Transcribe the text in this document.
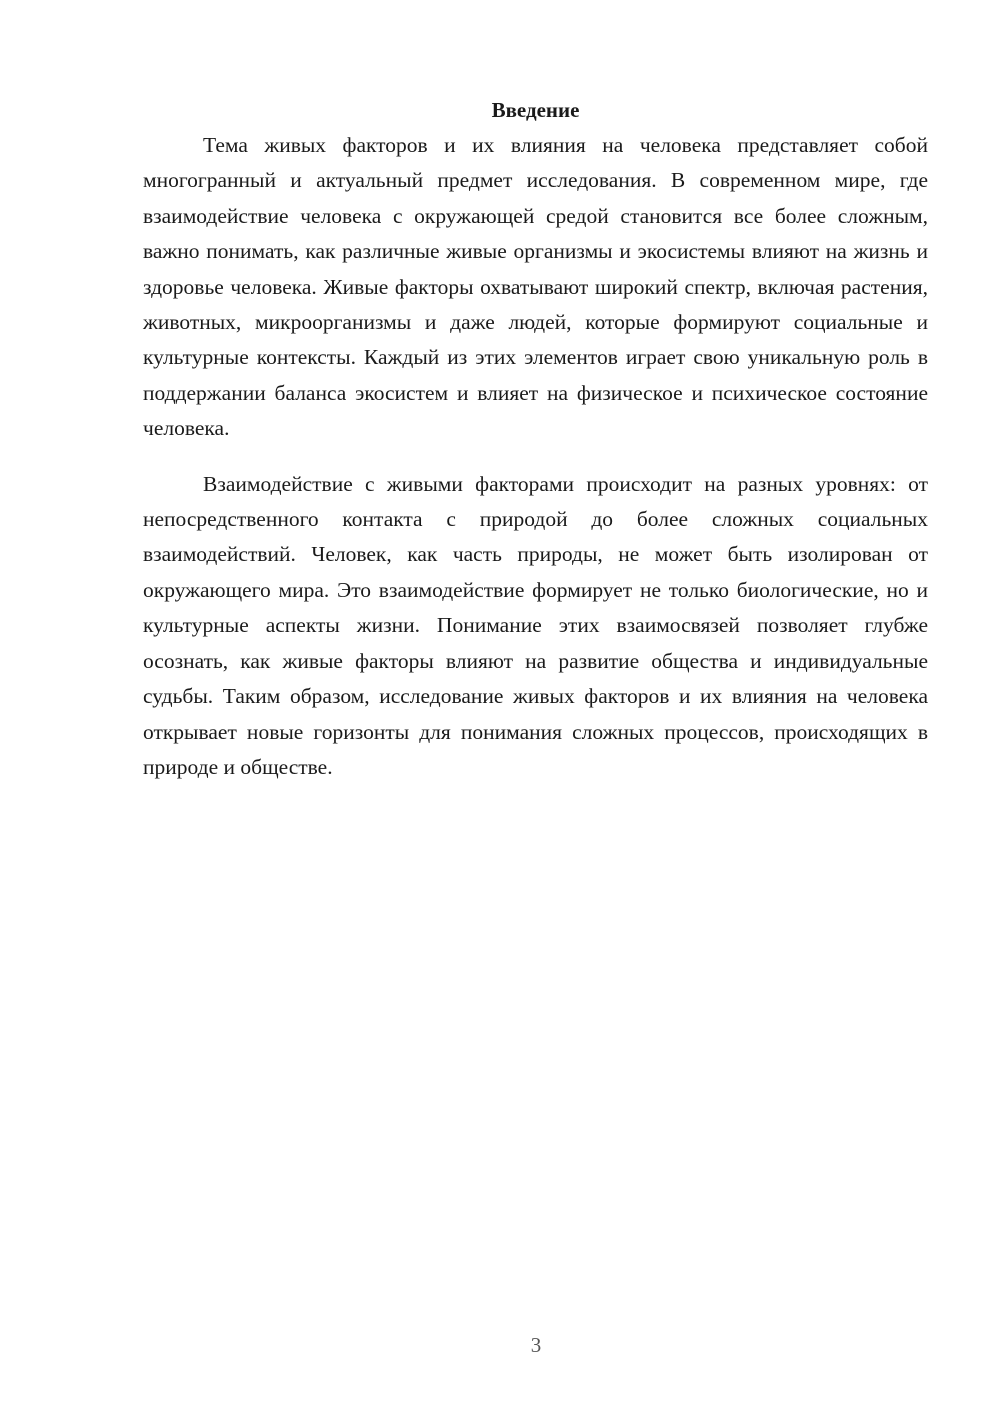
Введение

Тема живых факторов и их влияния на человека представляет собой многогранный и актуальный предмет исследования. В современном мире, где взаимодействие человека с окружающей средой становится все более сложным, важно понимать, как различные живые организмы и экосистемы влияют на жизнь и здоровье человека. Живые факторы охватывают широкий спектр, включая растения, животных, микроорганизмы и даже людей, которые формируют социальные и культурные контексты. Каждый из этих элементов играет свою уникальную роль в поддержании баланса экосистем и влияет на физическое и психическое состояние человека.

Взаимодействие с живыми факторами происходит на разных уровнях: от непосредственного контакта с природой до более сложных социальных взаимодействий. Человек, как часть природы, не может быть изолирован от окружающего мира. Это взаимодействие формирует не только биологические, но и культурные аспекты жизни. Понимание этих взаимосвязей позволяет глубже осознать, как живые факторы влияют на развитие общества и индивидуальные судьбы. Таким образом, исследование живых факторов и их влияния на человека открывает новые горизонты для понимания сложных процессов, происходящих в природе и обществе.

3
